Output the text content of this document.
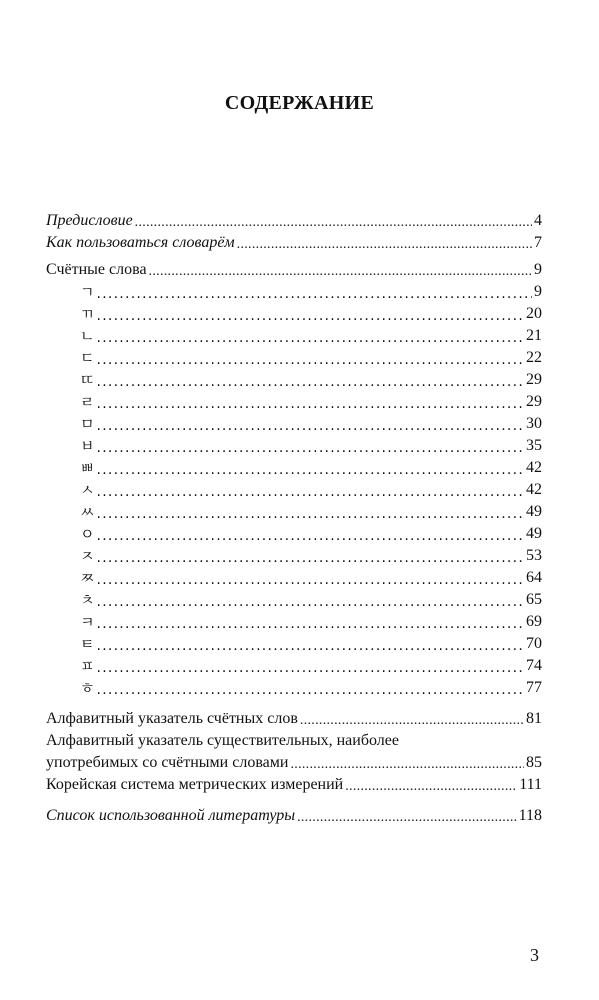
СОДЕРЖАНИЕ
Предисловие . . .	4
Как пользоваться словарём . . .	7
Счётные слова . . .	9
ㄱ . . .	9
ㄲ . . .	20
ㄴ . . .	21
ㄷ . . .	22
ㄸ . . .	29
ㄹ . . .	29
ㅁ . . .	30
ㅂ . . .	35
ㅃ . . .	42
ㅅ . . .	42
ㅆ . . .	49
ㅇ . . .	49
ㅈ . . .	53
ㅉ . . .	64
ㅊ . . .	65
ㅋ . . .	69
ㅌ . . .	70
ㅍ . . .	74
ㅎ . . .	77
Алфавитный указатель счётных слов . . .	81
Алфавитный указатель существительных, наиболее
употребимых со счётными словами . . .	85
Корейская система метрических измерений . . .	111
Список использованной литературы . . .	118
3
